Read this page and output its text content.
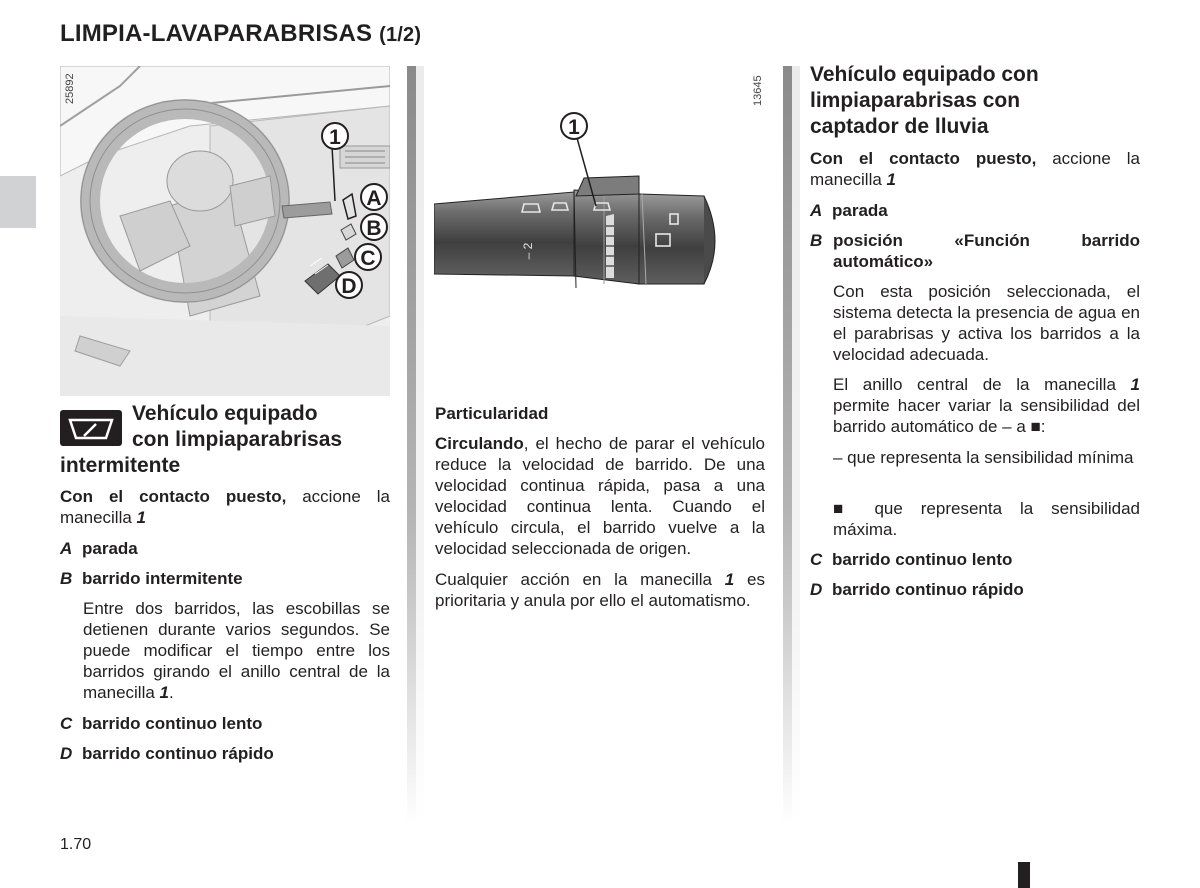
LIMPIA-LAVAPARABRISAS (1/2)
1
A
B
C
D
25892
– 2
1
13645
Vehículo equipado
con limpiaparabrisas
intermitente
Con el contacto puesto, accione la manecilla 1
A parada
B barrido intermitente
Entre dos barridos, las escobillas se detienen durante varios segundos. Se puede modificar el tiempo entre los barridos girando el anillo central de la manecilla 1.
C barrido continuo lento
D barrido continuo rápido
Particularidad
Circulando, el hecho de parar el vehículo reduce la velocidad de barrido. De una velocidad continua rápida, pasa a una velocidad continua lenta. Cuando el vehículo circula, el barrido vuelve a la velocidad seleccionada de origen.
Cualquier acción en la manecilla 1 es prioritaria y anula por ello el automatismo.
Vehículo equipado con
limpiaparabrisas con
captador de lluvia
Con el contacto puesto, accione la manecilla 1
A parada
B posición «Función barrido automático»
Con esta posición seleccionada, el sistema detecta la presencia de agua en el parabrisas y activa los barridos a la velocidad adecuada.
El anillo central de la manecilla 1 permite hacer variar la sensibilidad del barrido automático de – a ■:
– que representa la sensibilidad mínima
■ que representa la sensibilidad máxima.
C barrido continuo lento
D barrido continuo rápido
1.70
